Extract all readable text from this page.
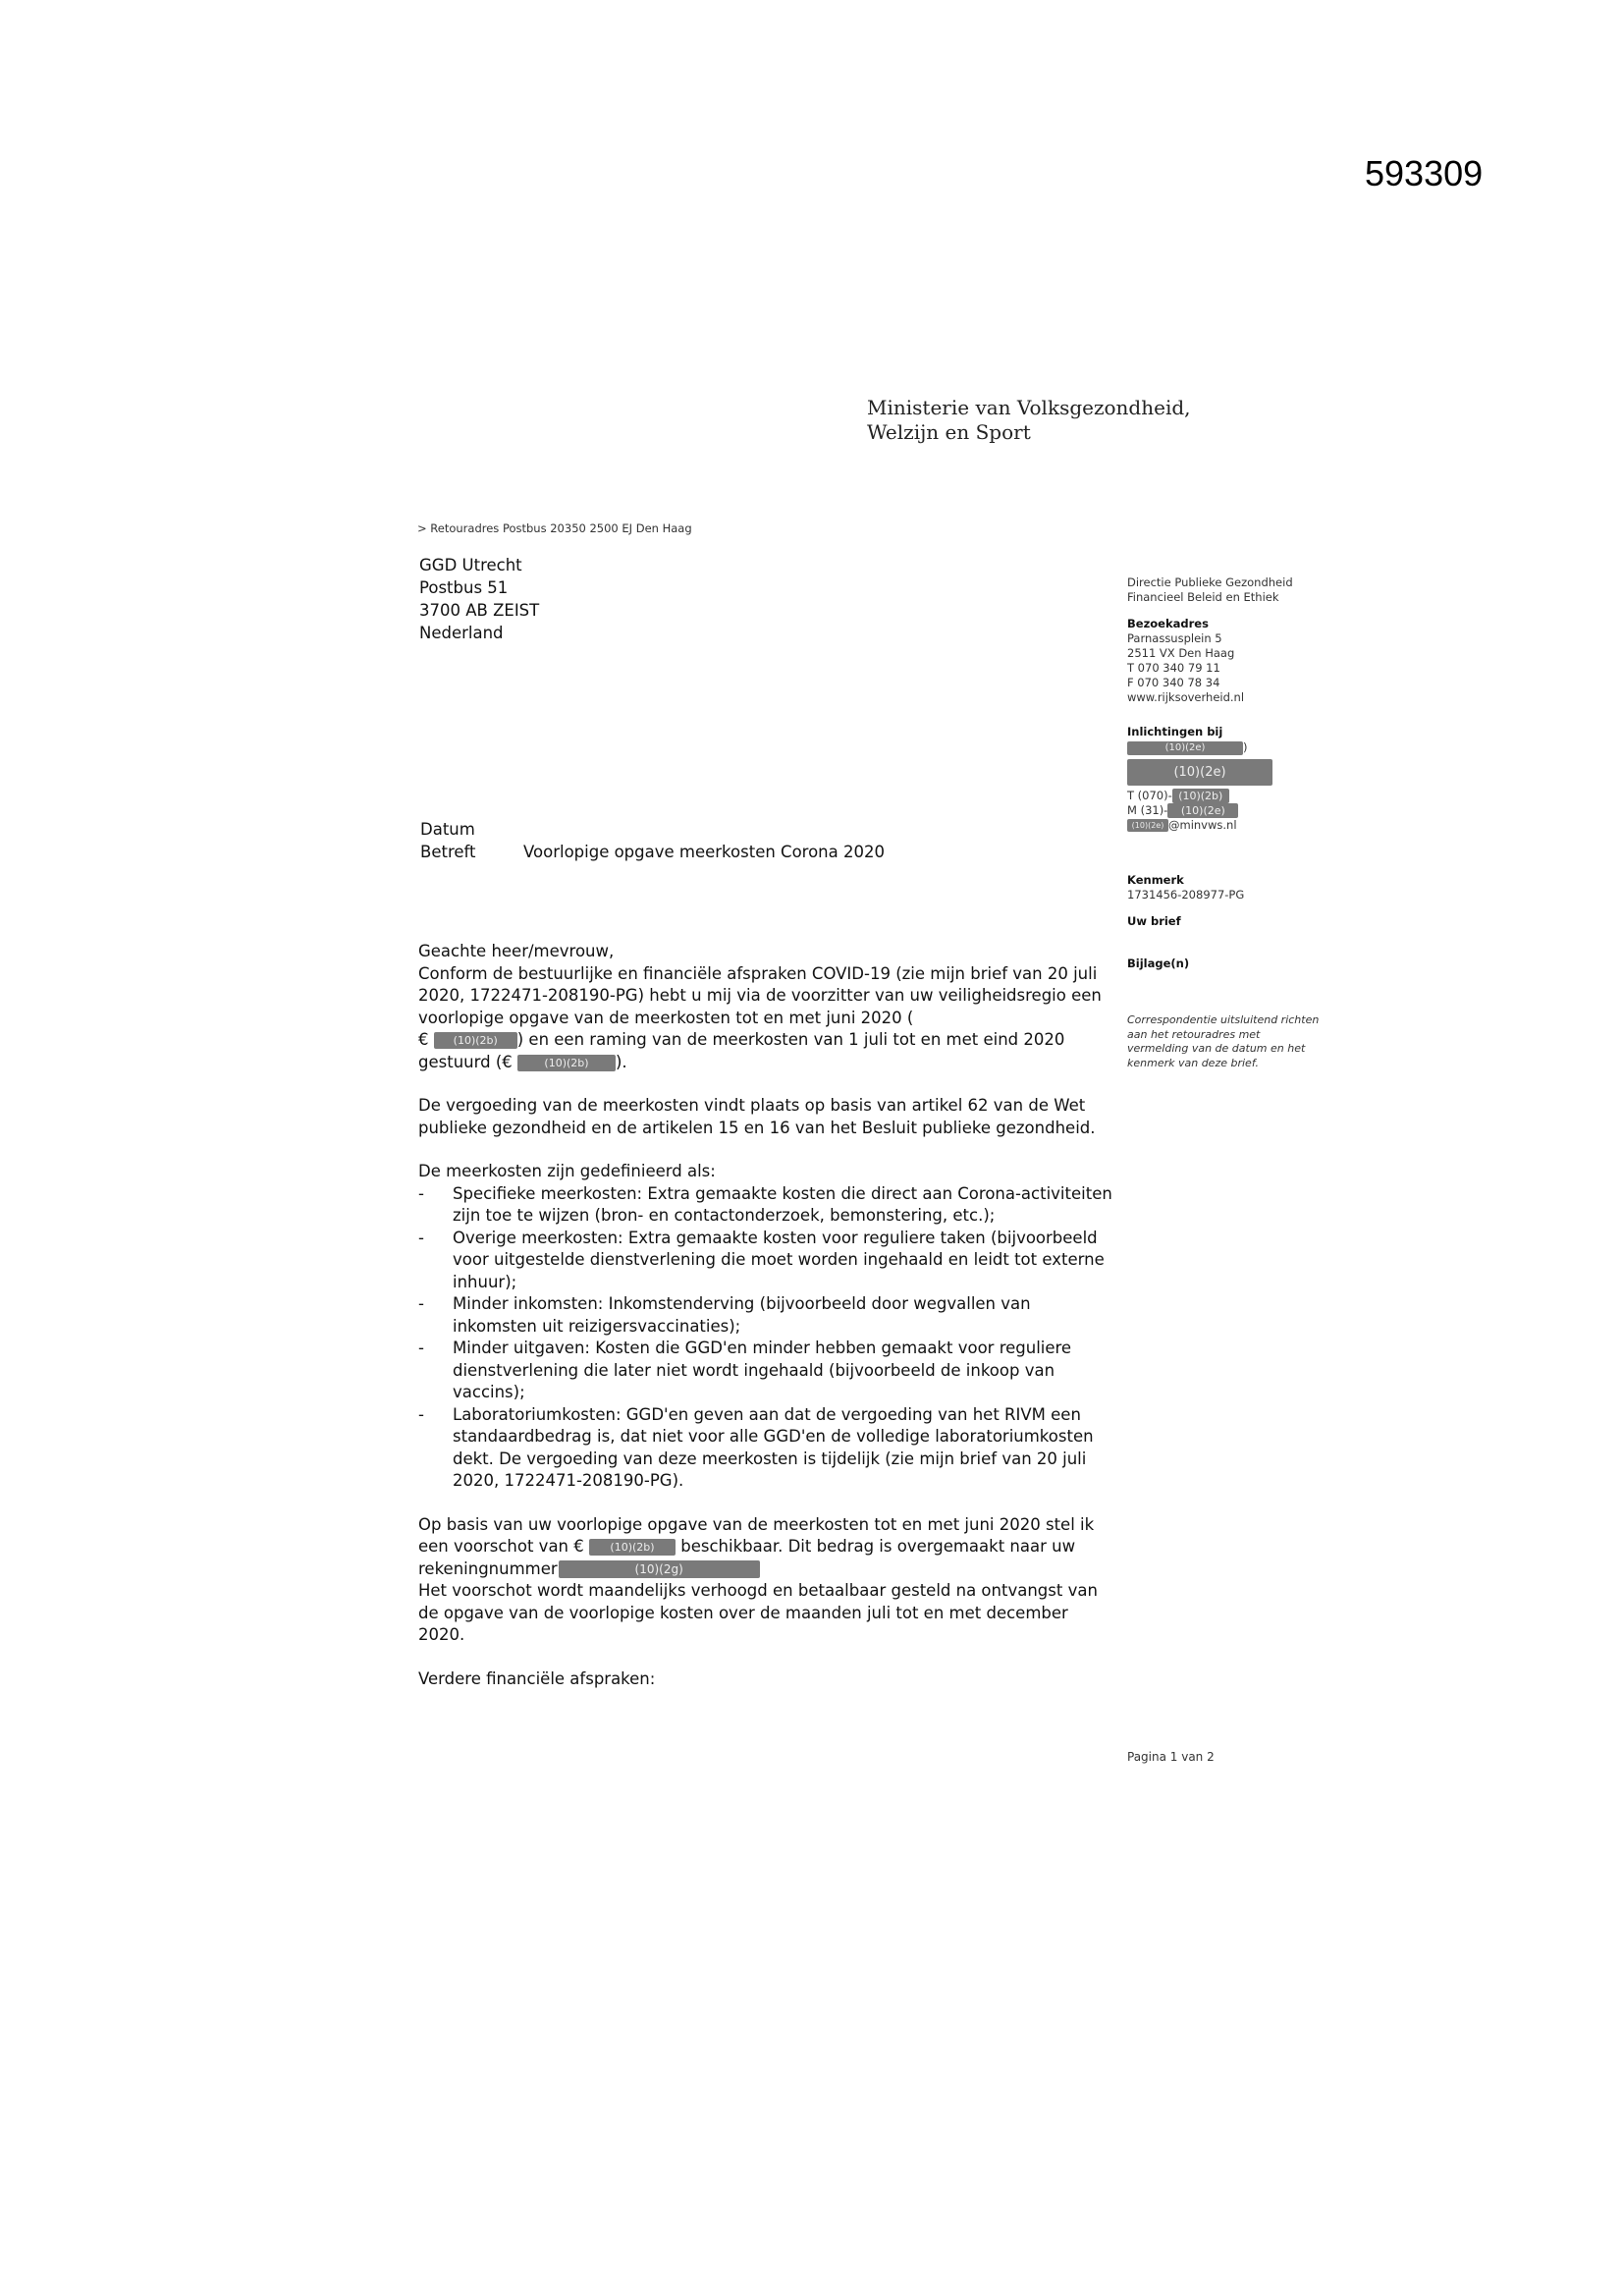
593309
Ministerie van Volksgezondheid,
Welzijn en Sport
> Retouradres Postbus 20350 2500 EJ Den Haag
GGD Utrecht
Postbus 51
3700 AB ZEIST
Nederland
Directie Publieke Gezondheid
Financieel Beleid en Ethiek
Bezoekadres
Parnassusplein 5
2511 VX Den Haag
T 070 340 79 11
F 070 340 78 34
www.rijksoverheid.nl
Inlichtingen bij
(10)(2e)	)
(10)(2e)
T (070)- (10)(2b)
M (31)- (10)(2e)
(10)(2e) @minvws.nl
Kenmerk
1731456-208977-PG
Uw brief
Bijlage(n)
Correspondentie uitsluitend richten aan het retouradres met vermelding van de datum en het kenmerk van deze brief.
Datum
Betreft	Voorlopige opgave meerkosten Corona 2020
Geachte heer/mevrouw,

Conform de bestuurlijke en financiële afspraken COVID-19 (zie mijn brief van 20 juli 2020, 1722471-208190-PG) hebt u mij via de voorzitter van uw veiligheidsregio een voorlopige opgave van de meerkosten tot en met juni 2020 (
€ (10)(2b) ) en een raming van de meerkosten van 1 juli tot en met eind 2020 gestuurd (€ (10)(2b) ).

De vergoeding van de meerkosten vindt plaats op basis van artikel 62 van de Wet publieke gezondheid en de artikelen 15 en 16 van het Besluit publieke gezondheid.

De meerkosten zijn gedefinieerd als:
- Specifieke meerkosten: Extra gemaakte kosten die direct aan Corona-activiteiten zijn toe te wijzen (bron- en contactonderzoek, bemonstering, etc.);
- Overige meerkosten: Extra gemaakte kosten voor reguliere taken (bijvoorbeeld voor uitgestelde dienstverlening die moet worden ingehaald en leidt tot externe inhuur);
- Minder inkomsten: Inkomstenderving (bijvoorbeeld door wegvallen van inkomsten uit reizigersvaccinaties);
- Minder uitgaven: Kosten die GGD'en minder hebben gemaakt voor reguliere dienstverlening die later niet wordt ingehaald (bijvoorbeeld de inkoop van vaccins);
- Laboratoriumkosten: GGD'en geven aan dat de vergoeding van het RIVM een standaardbedrag is, dat niet voor alle GGD'en de volledige laboratoriumkosten dekt. De vergoeding van deze meerkosten is tijdelijk (zie mijn brief van 20 juli 2020, 1722471-208190-PG).

Op basis van uw voorlopige opgave van de meerkosten tot en met juni 2020 stel ik een voorschot van € (10)(2b) beschikbaar. Dit bedrag is overgemaakt naar uw rekeningnummer	(10)(2g)
Het voorschot wordt maandelijks verhoogd en betaalbaar gesteld na ontvangst van de opgave van de voorlopige kosten over de maanden juli tot en met december 2020.

Verdere financiële afspraken:

Pagina 1 van 2
